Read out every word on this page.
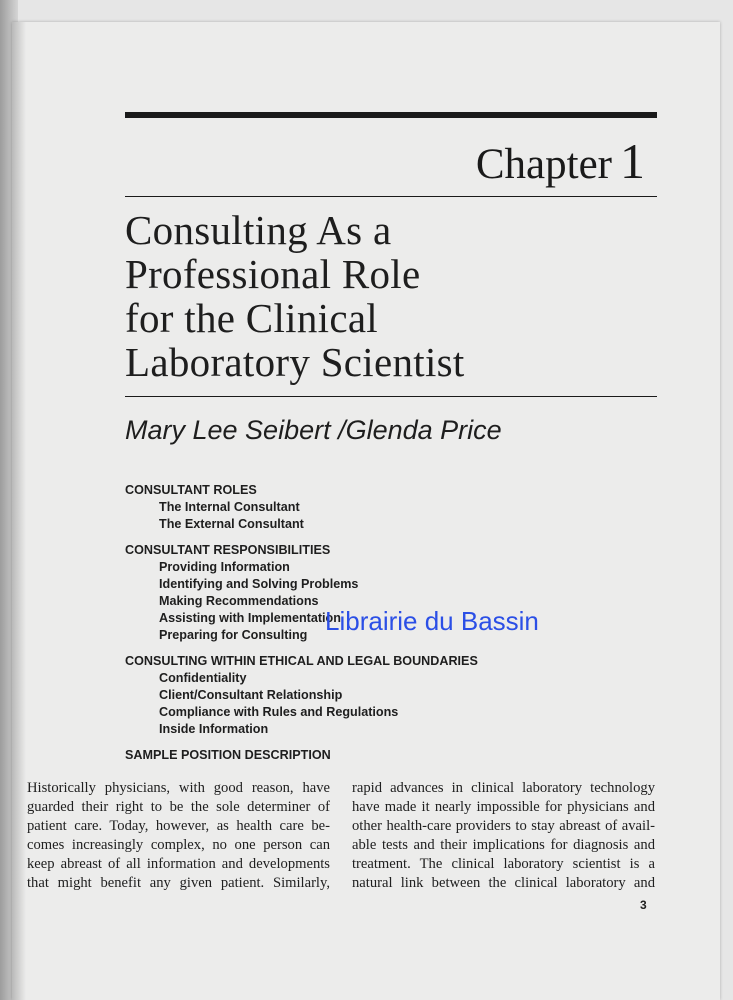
Chapter 1
Consulting As a
Professional Role
for the Clinical
Laboratory Scientist
Mary Lee Seibert /Glenda Price
CONSULTANT ROLES
The Internal Consultant
The External Consultant
CONSULTANT RESPONSIBILITIES
Providing Information
Identifying and Solving Problems
Making Recommendations
Assisting with Implementation
Preparing for Consulting
CONSULTING WITHIN ETHICAL AND LEGAL BOUNDARIES
Confidentiality
Client/Consultant Relationship
Compliance with Rules and Regulations
Inside Information
SAMPLE POSITION DESCRIPTION
Librairie du Bassin
Historically physicians, with good reason, have
guarded their right to be the sole determiner of
patient care. Today, however, as health care be-
comes increasingly complex, no one person can
keep abreast of all information and developments
that might benefit any given patient. Similarly,
rapid advances in clinical laboratory technology
have made it nearly impossible for physicians and
other health-care providers to stay abreast of avail-
able tests and their implications for diagnosis and
treatment. The clinical laboratory scientist is a
natural link between the clinical laboratory and
3
